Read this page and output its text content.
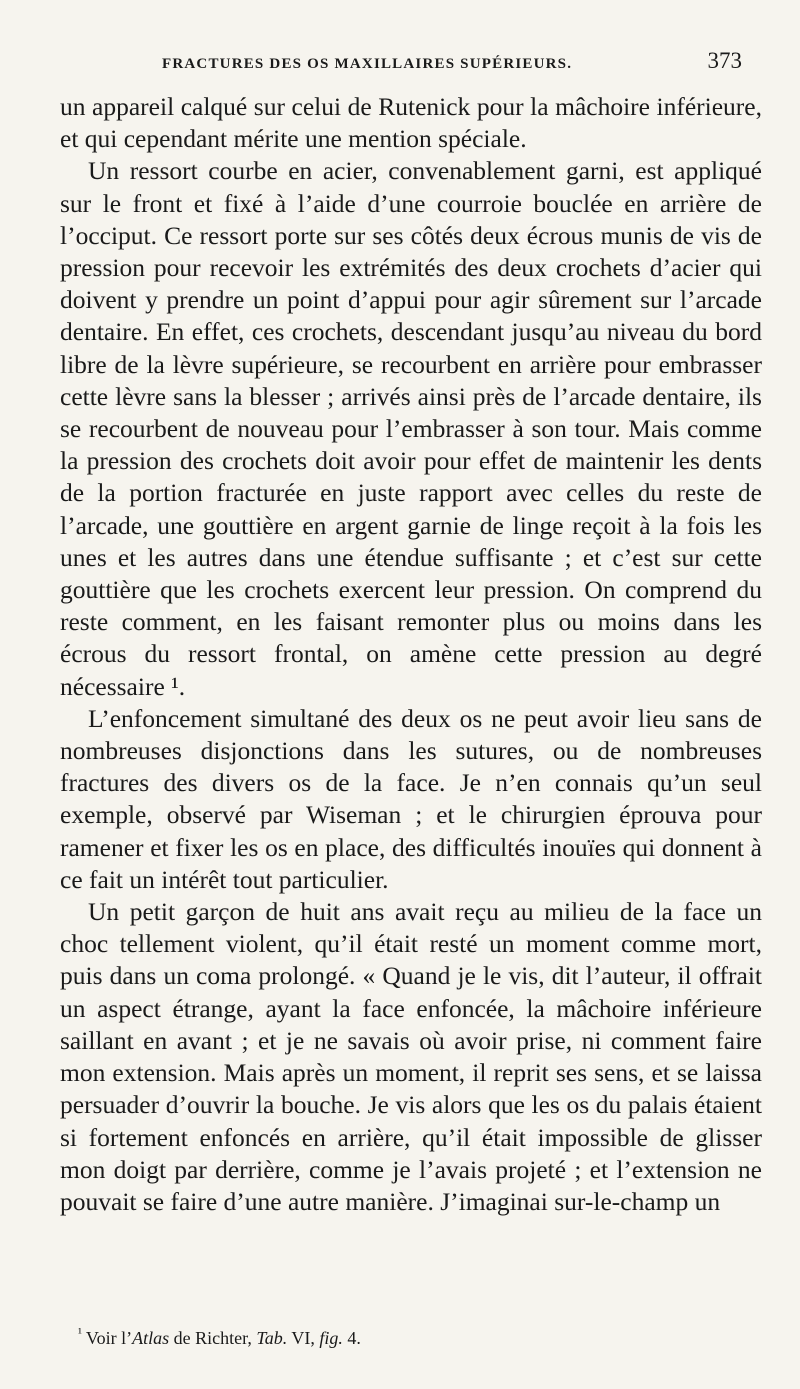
FRACTURES DES OS MAXILLAIRES SUPÉRIEURS.	373

un appareil calqué sur celui de Rutenick pour la mâchoire inférieure, et qui cependant mérite une mention spéciale.

Un ressort courbe en acier, convenablement garni, est appliqué sur le front et fixé à l’aide d’une courroie bouclée en arrière de l’occiput. Ce ressort porte sur ses côtés deux écrous munis de vis de pression pour recevoir les extrémités des deux crochets d’acier qui doivent y prendre un point d’appui pour agir sûrement sur l’arcade dentaire. En effet, ces crochets, descendant jusqu’au niveau du bord libre de la lèvre supérieure, se recourbent en arrière pour embrasser cette lèvre sans la blesser ; arrivés ainsi près de l’arcade dentaire, ils se recourbent de nouveau pour l’embrasser à son tour. Mais comme la pression des crochets doit avoir pour effet de maintenir les dents de la portion fracturée en juste rapport avec celles du reste de l’arcade, une gouttière en argent garnie de linge reçoit à la fois les unes et les autres dans une étendue suffisante ; et c’est sur cette gouttière que les crochets exercent leur pression. On comprend du reste comment, en les faisant remonter plus ou moins dans les écrous du ressort frontal, on amène cette pression au degré nécessaire ¹.

L’enfoncement simultané des deux os ne peut avoir lieu sans de nombreuses disjonctions dans les sutures, ou de nombreuses fractures des divers os de la face. Je n’en connais qu’un seul exemple, observé par Wiseman ; et le chirurgien éprouva pour ramener et fixer les os en place, des difficultés inouïes qui donnent à ce fait un intérêt tout particulier.

Un petit garçon de huit ans avait reçu au milieu de la face un choc tellement violent, qu’il était resté un moment comme mort, puis dans un coma prolongé. « Quand je le vis, dit l’auteur, il offrait un aspect étrange, ayant la face enfoncée, la mâchoire inférieure saillant en avant ; et je ne savais où avoir prise, ni comment faire mon extension. Mais après un moment, il reprit ses sens, et se laissa persuader d’ouvrir la bouche. Je vis alors que les os du palais étaient si fortement enfoncés en arrière, qu’il était impossible de glisser mon doigt par derrière, comme je l’avais projeté ; et l’extension ne pouvait se faire d’une autre manière. J’imaginai sur-le-champ un

$^{^1}$ Voir l’Atlas de Richter, Tab. VI, fig. 4.
